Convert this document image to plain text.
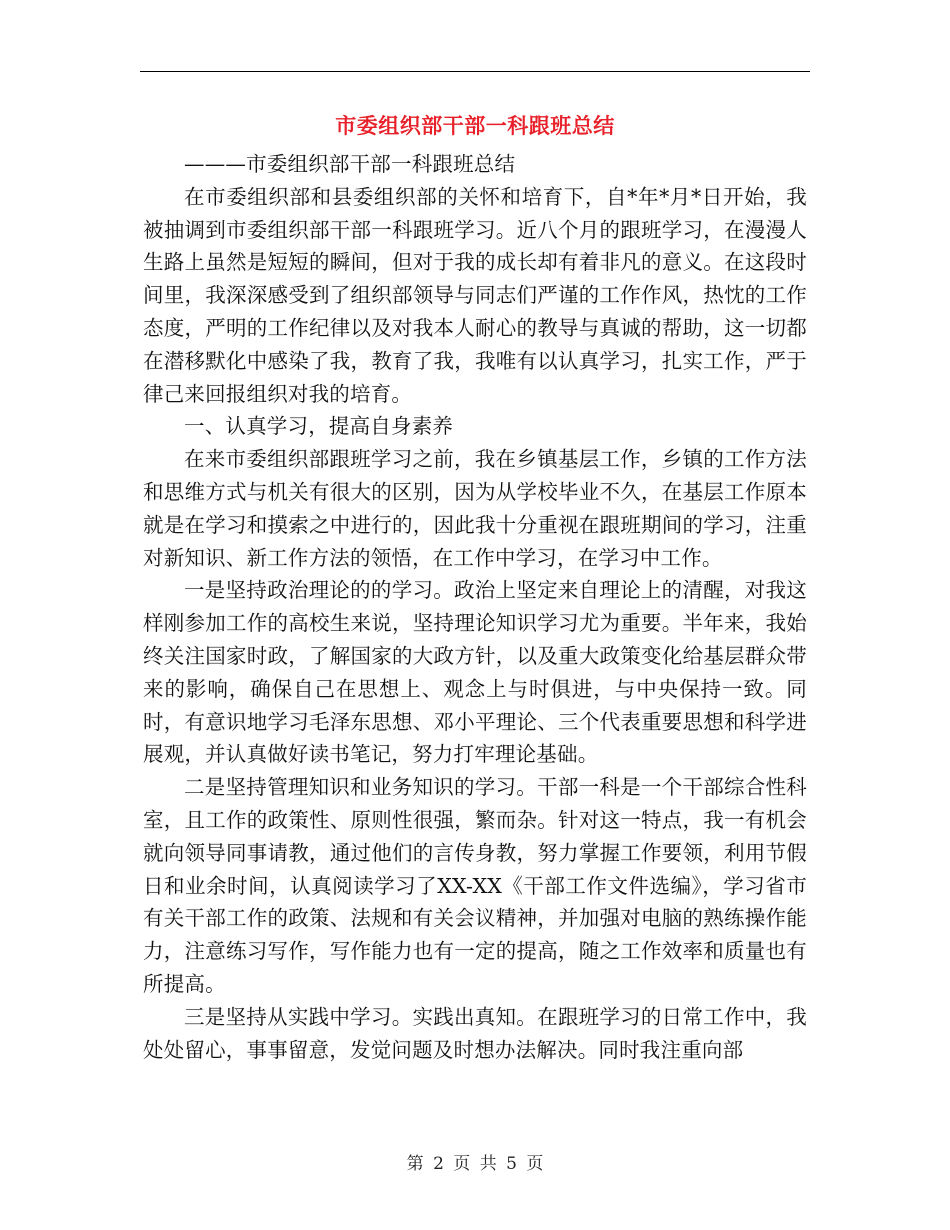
市委组织部干部一科跟班总结

———市委组织部干部一科跟班总结

在市委组织部和县委组织部的关怀和培育下，自*年*月*日开始，我被抽调到市委组织部干部一科跟班学习。近八个月的跟班学习，在漫漫人生路上虽然是短短的瞬间，但对于我的成长却有着非凡的意义。在这段时间里，我深深感受到了组织部领导与同志们严谨的工作作风，热忱的工作态度，严明的工作纪律以及对我本人耐心的教导与真诚的帮助，这一切都在潜移默化中感染了我，教育了我，我唯有以认真学习，扎实工作，严于律己来回报组织对我的培育。

一、认真学习，提高自身素养

在来市委组织部跟班学习之前，我在乡镇基层工作，乡镇的工作方法和思维方式与机关有很大的区别，因为从学校毕业不久，在基层工作原本就是在学习和摸索之中进行的，因此我十分重视在跟班期间的学习，注重对新知识、新工作方法的领悟，在工作中学习，在学习中工作。

一是坚持政治理论的的学习。政治上坚定来自理论上的清醒，对我这样刚参加工作的高校生来说，坚持理论知识学习尤为重要。半年来，我始终关注国家时政，了解国家的大政方针，以及重大政策变化给基层群众带来的影响，确保自己在思想上、观念上与时俱进，与中央保持一致。同时，有意识地学习毛泽东思想、邓小平理论、三个代表重要思想和科学进展观，并认真做好读书笔记，努力打牢理论基础。

二是坚持管理知识和业务知识的学习。干部一科是一个干部综合性科室，且工作的政策性、原则性很强，繁而杂。针对这一特点，我一有机会就向领导同事请教，通过他们的言传身教，努力掌握工作要领，利用节假日和业余时间，认真阅读学习了XX-XX《干部工作文件选编》，学习省市有关干部工作的政策、法规和有关会议精神，并加强对电脑的熟练操作能力，注意练习写作，写作能力也有一定的提高，随之工作效率和质量也有所提高。

三是坚持从实践中学习。实践出真知。在跟班学习的日常工作中，我处处留心，事事留意，发觉问题及时想办法解决。同时我注重向部

第 2 页 共 5 页
